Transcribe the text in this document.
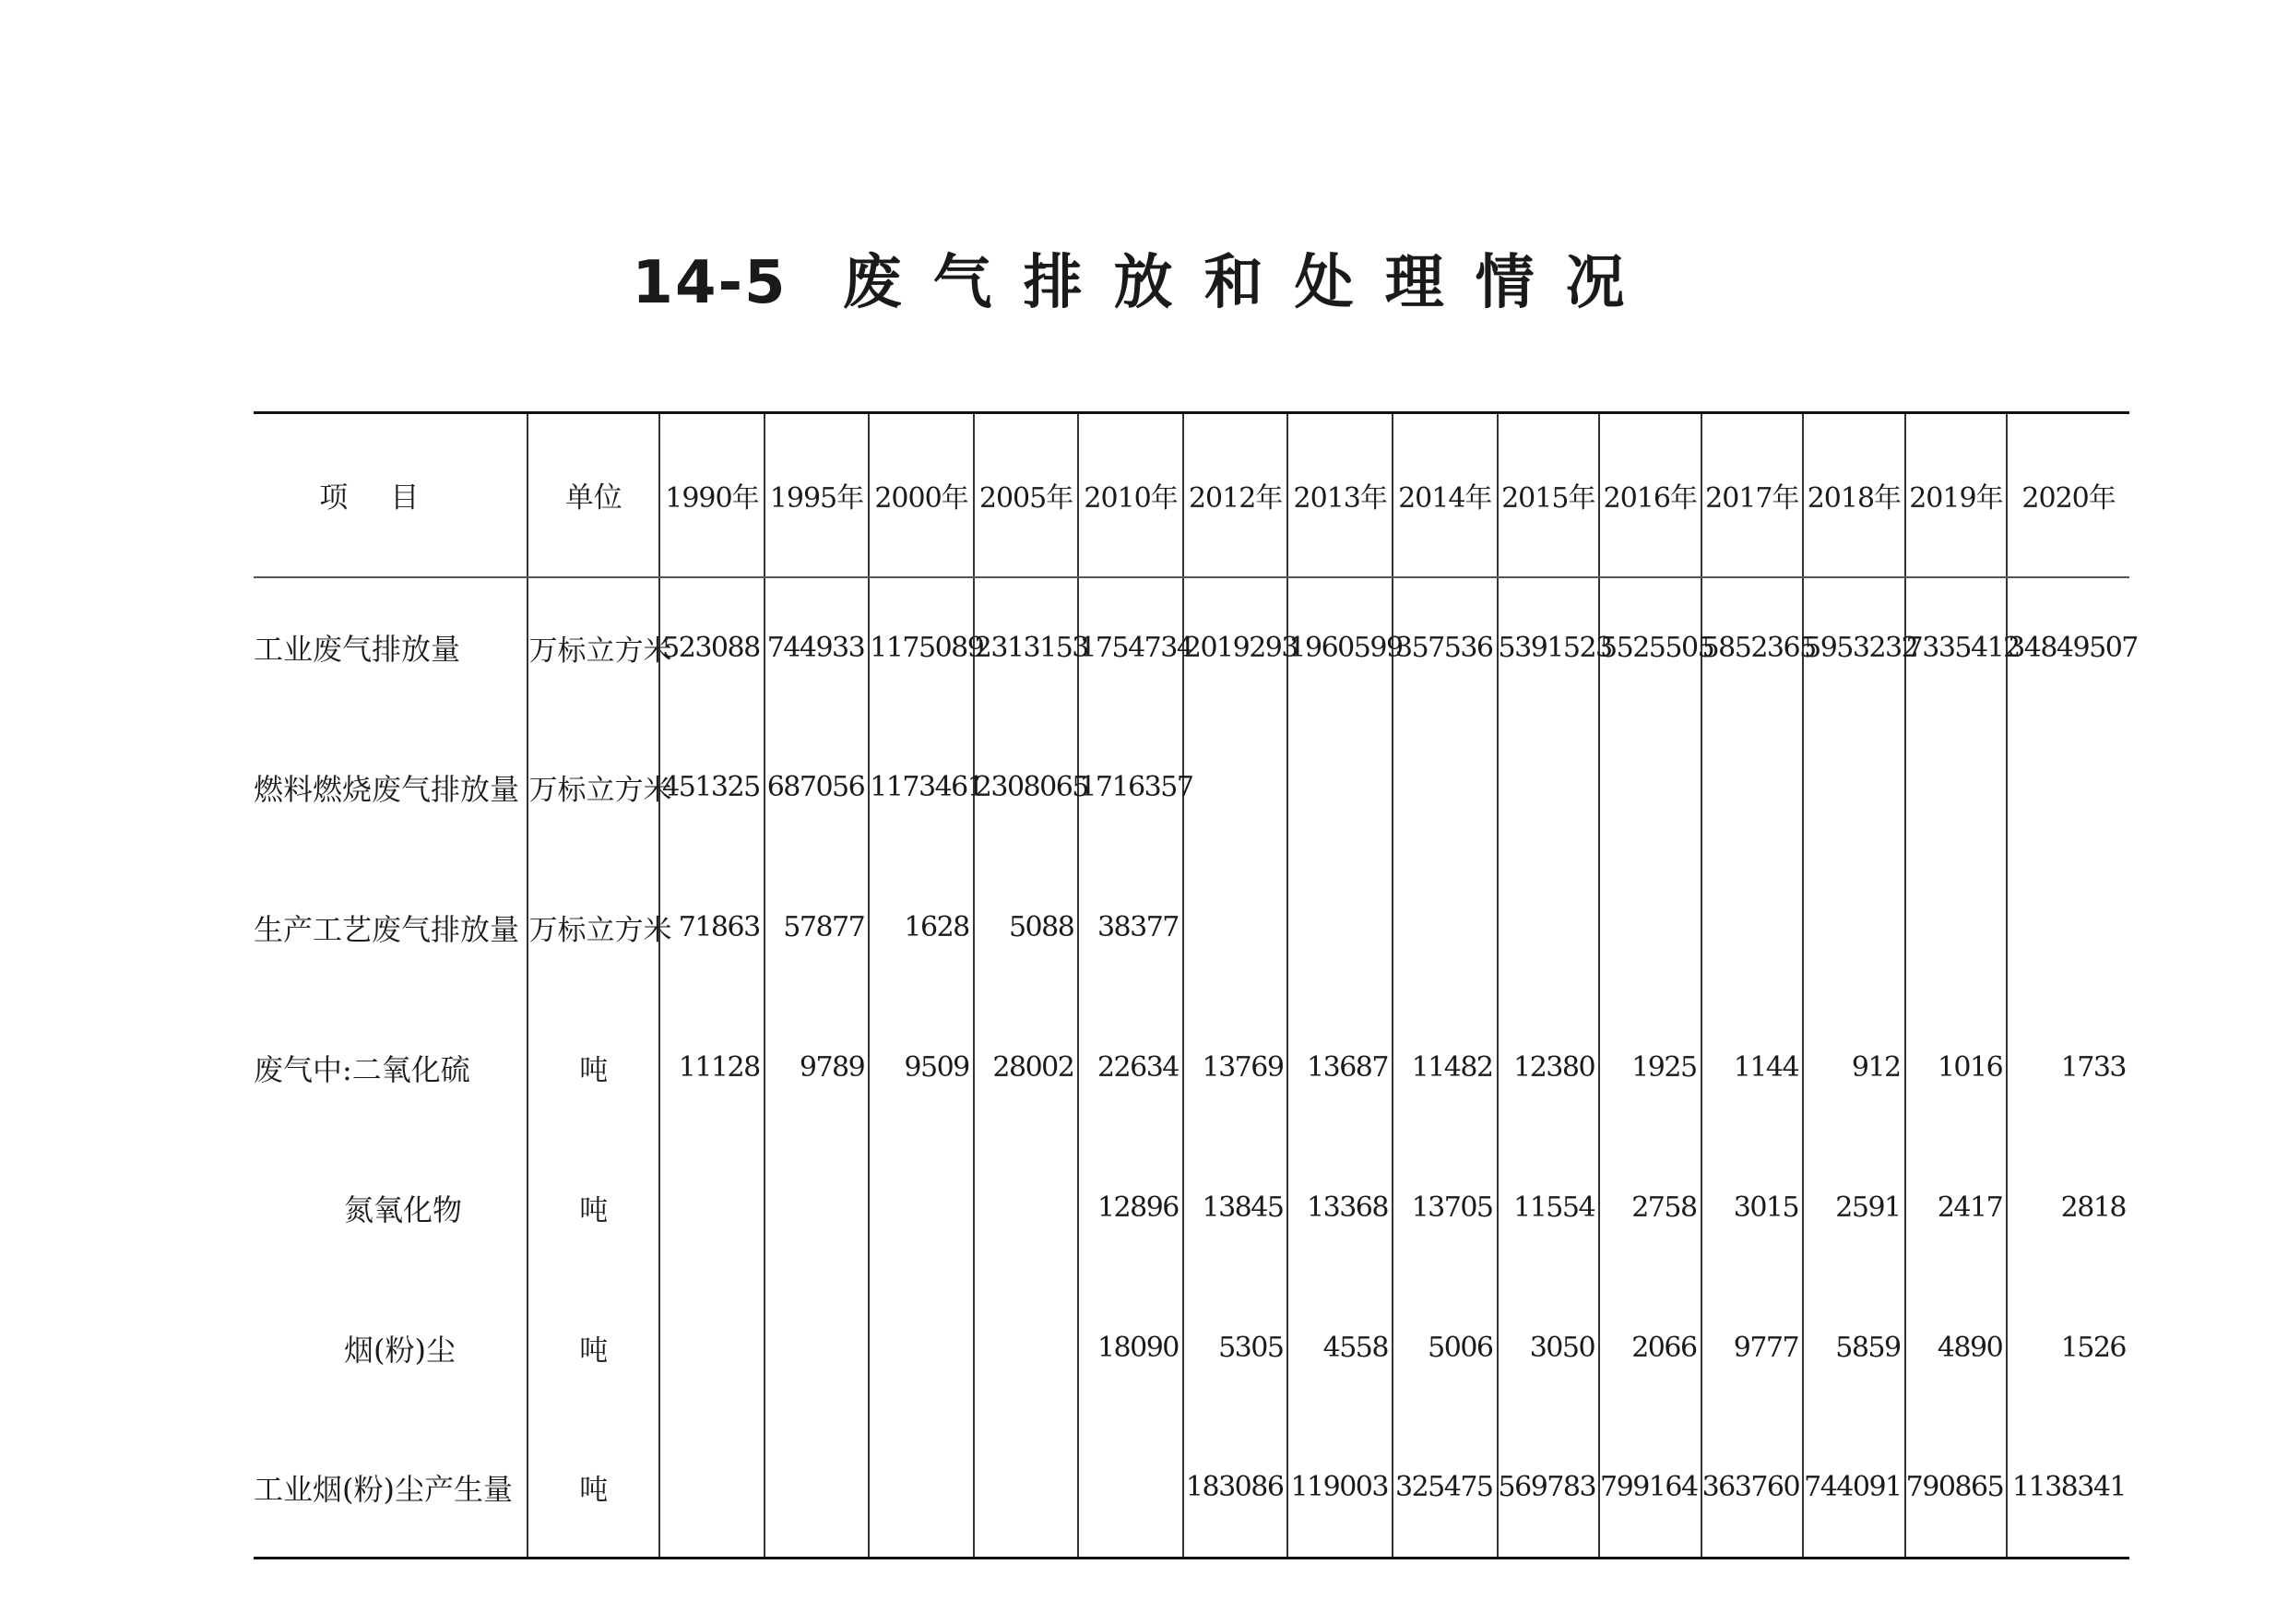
14-5 废气排放和处理情况
项目	单位	1990年	1995年	2000年	2005年	2010年	2012年	2013年	2014年	2015年	2016年	2017年	2018年	2019年	2020年
工业废气排放量	万标立方米	523088	744933	1175089	2313153	1754734	2019293	1960599	357536	5391523	5525505	5852365	5953232	7335412	34849507
燃料燃烧废气排放量	万标立方米	451325	687056	1173461	2308065	1716357									
生产工艺废气排放量	万标立方米	71863	57877	1628	5088	38377									
废气中:二氧化硫	吨	11128	9789	9509	28002	22634	13769	13687	11482	12380	1925	1144	912	1016	1733
氮氧化物	吨					12896	13845	13368	13705	11554	2758	3015	2591	2417	2818
烟(粉)尘	吨					18090	5305	4558	5006	3050	2066	9777	5859	4890	1526
工业烟(粉)尘产生量	吨						183086	119003	325475	569783	799164	363760	744091	790865	1138341
